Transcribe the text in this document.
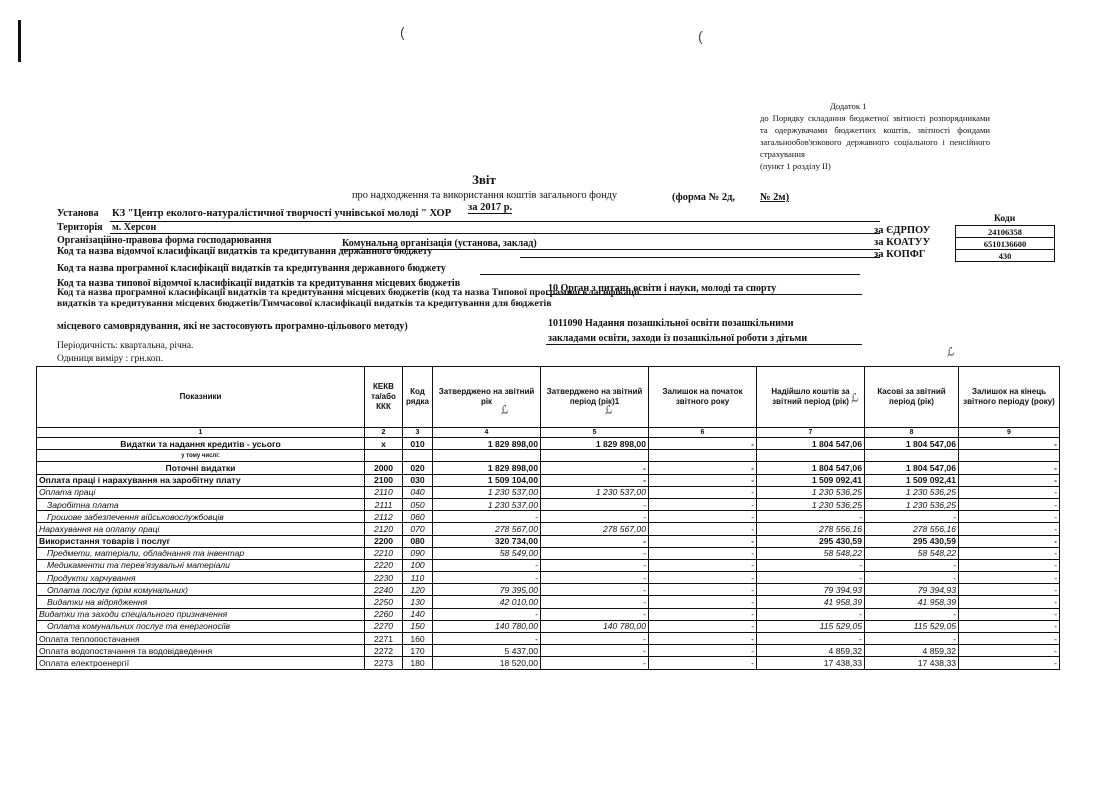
(	(
Додаток 1
до Порядку складання бюджетної звітності розпорядниками та одержувачами бюджетних коштів, звітності фондами загальнообов'язкового державного соціального і пенсійного страхування
(пункт 1 розділу ІІ)
Звіт
про надходження та використання коштів загального фонду	(форма № 2д, № 2м)
за 2017 р.
Установа КЗ "Центр еколого-натуралістичної творчості учнівської молоді " ХОР
Територія м. Херсон
Організаційно-правова форма господарювання	Комунальна організація (установа, заклад)
Код та назва відомчої класифікації видатків та кредитування державного бюджету
Код та назва програмної класифікації видатків та кредитування державного бюджету
Код та назва типової відомчої класифікації видатків та кредитування місцевих бюджетів	10 Орган з питань освіти і науки, молоді та спорту
Код та назва програмної класифікації видатків та кредитування місцевих бюджетів (код та назва Типової програмної класифікації
видатків та кредитування місцевих бюджетів/Тимчасової класифікації видатків та кредитування для бюджетів
1011090 Надання позашкільної освіти позашкільними
місцевого самоврядування, які не застосовують програмно-цільового методу)
закладами освіти, заходи із позашкільної роботи з дітьми
Періодичність: квартальна, річна.
Одиниця виміру : грн.коп.
Коди
24106358
6510136600
430
за ЄДРПОУ
за КОАТУУ
за КОПФГ
Показники	КЕКВ та/або ККК	Код рядка	Затверджено на звітний рік	Затверджено на звітний період (рік)1	Залишок на початок звітного року	Надійшло коштів за звітний період (рік)	Касові за звітний період (рік)	Залишок на кінець звітного періоду (року)
1	2	3	4	5	6	7	8	9
Видатки та надання кредитів - усього	х	010	1 829 898,00	1 829 898,00	-	1 804 547,06	1 804 547,06	-
у тому числі:								
Поточні видатки	2000	020	1 829 898,00	-	-	1 804 547,06	1 804 547,06	-
Оплата праці і нарахування на заробітну плату	2100	030	1 509 104,00	-	-	1 509 092,41	1 509 092,41	-
Оплата праці	2110	040	1 230 537,00	1 230 537,00	-	1 230 536,25	1 230 536,25	-
Заробітна плата	2111	050	1 230 537,00	-	-	1 230 536,25	1 230 536,25	-
Грошове забезпечення військовослужбовців	2112	060	-	-	-	-	-	-
Нарахування на оплату праці	2120	070	278 567,00	278 567,00	-	278 556,16	278 556,16	-
Використання товарів і послуг	2200	080	320 734,00	-	-	295 430,59	295 430,59	-
Предмети, матеріали, обладнання та інвентар	2210	090	58 549,00	-	-	58 548,22	58 548,22	-
Медикаменти та перев'язувальні матеріали	2220	100	-	-	-	-	-	-
Продукти харчування	2230	110	-	-	-	-	-	-
Оплата послуг (крім комунальних)	2240	120	79 395,00	-	-	79 394,93	79 394,93	-
Видатки на відрядження	2250	130	42 010,00	-	-	41 958,39	41 958,39	-
Видатки та заходи спеціального призначення	2260	140	-	-	-	-	-	-
Оплата комунальних послуг та енергоносіїв	2270	150	140 780,00	140 780,00	-	115 529,05	115 529,05	-
Оплата теплопостачання	2271	160	-	-	-	-	-	-
Оплата водопостачання та водовідведення	2272	170	5 437,00	-	-	4 859,32	4 859,32	-
Оплата електроенергії	2273	180	18 520,00	-	-	17 438,33	17 438,33	-
ℒ	ℒ
ℒ
ℒ
